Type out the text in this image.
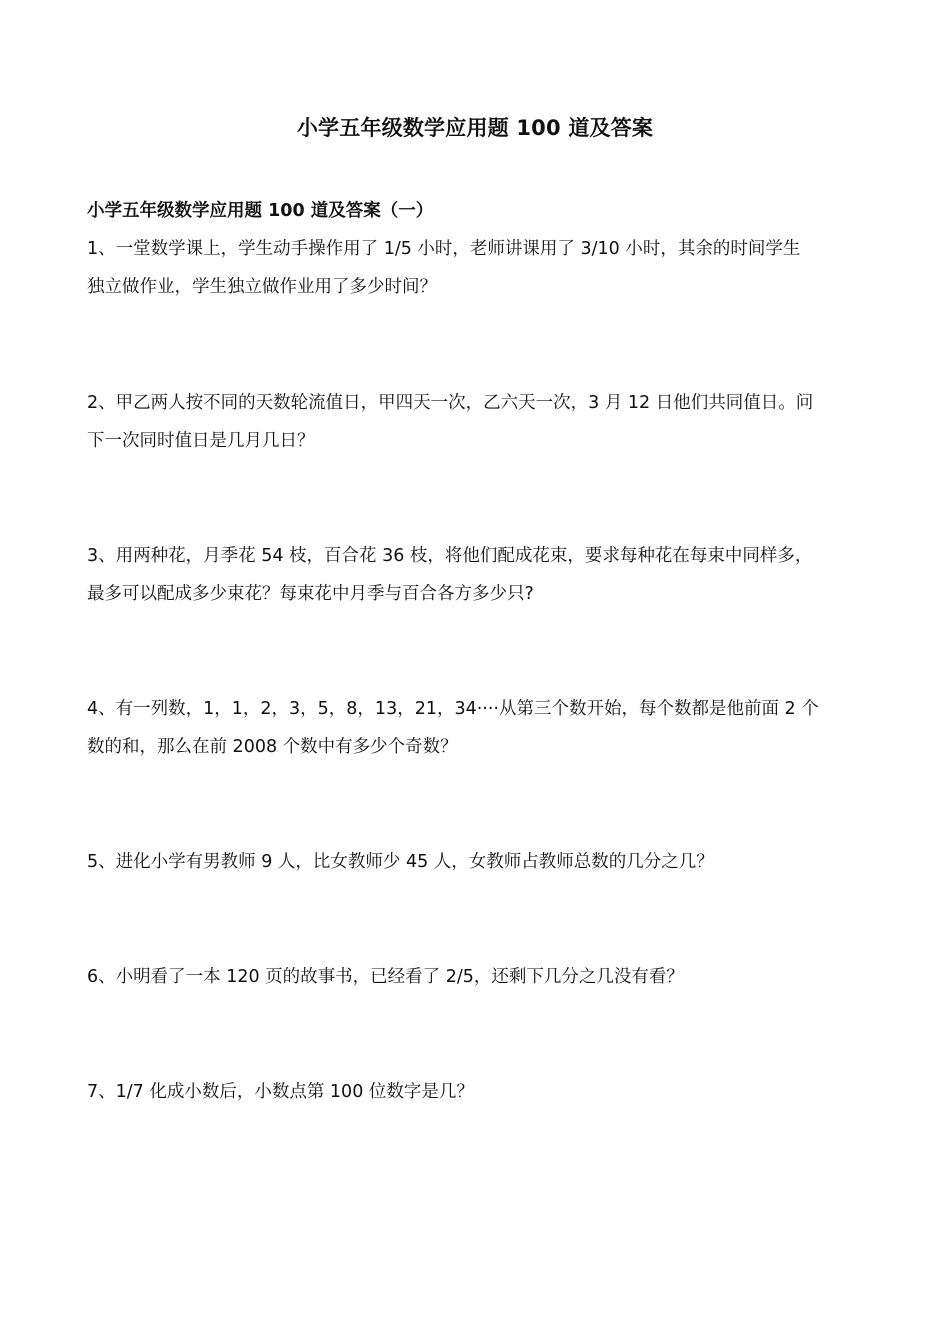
小学五年级数学应用题 100 道及答案
小学五年级数学应用题 100 道及答案（一）
1、一堂数学课上，学生动手操作用了 1/5 小时，老师讲课用了 3/10 小时，其余的时间学生
独立做作业，学生独立做作业用了多少时间？
2、甲乙两人按不同的天数轮流值日，甲四天一次，乙六天一次，3 月 12 日他们共同值日。问
下一次同时值日是几月几日？
3、用两种花，月季花 54 枝，百合花 36 枝，将他们配成花束，要求每种花在每束中同样多，
最多可以配成多少束花？每束花中月季与百合各方多少只?
4、有一列数，1，1，2，3，5，8，13，21，34····从第三个数开始，每个数都是他前面 2 个
数的和，那么在前 2008 个数中有多少个奇数？
5、进化小学有男教师 9 人，比女教师少 45 人，女教师占教师总数的几分之几？
6、小明看了一本 120 页的故事书，已经看了 2/5，还剩下几分之几没有看？
7、1/7 化成小数后，小数点第 100 位数字是几？
